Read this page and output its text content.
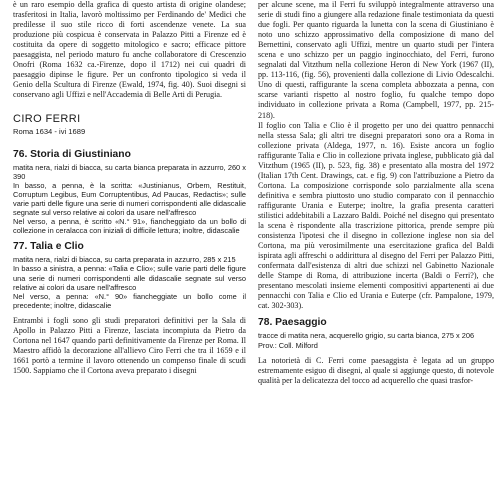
è un raro esempio della grafica di questo artista di origine olandese; trasferitosi in Italia, lavorò moltissimo per Ferdinando de' Medici che predilesse il suo stile ricco di forti ascendenze venete. La sua produzione più cospicua è conservata in Palazzo Pitti a Firenze ed è costituita da opere di soggetto mitologico e sacro; efficace pittore paesaggista, nel periodo maturo fu anche collaboratore di Crescenzio Onofri (Roma 1632 ca.-Firenze, dopo il 1712) nei cui quadri di paesaggio dipinse le figure. Per un confronto tipologico si veda il Genio della Scultura di Firenze (Ewald, 1974, fig. 40). Suoi disegni si conservano agli Uffizi e nell'Accademia di Belle Arti di Perugia.

CIRO FERRI
Roma 1634 - ivi 1689
76. Storia di Giustiniano

matita nera, rialzi di biacca, su carta bianca preparata in azzurro, 260 x 390

In basso, a penna, è la scritta: «Justinianus, Orbem, Restituit, Corruptum Legibus, Eum Corruptentibus, Ad Paucas, Redactis»; sulle varie parti delle figure una serie di numeri corrispondenti alle didascalie segnate sul verso relative ai colori da usare nell'affresco

Nel verso, a penna, è scritto «N.° 91», fiancheggiato da un bollo di collezione in ceralacca con iniziali di difficile lettura; inoltre, didascalie

77. Talia e Clio

matita nera, rialzi di biacca, su carta preparata in azzurro, 285 x 215

In basso a sinistra, a penna: «Talia e Clio»; sulle varie parti delle figure una serie di numeri corrispondenti alle didascalie segnate sul verso relative ai colori da usare nell'affresco

Nel verso, a penna: «N.° 90» fiancheggiate un bollo come il precedente; inoltre, didascalie

Entrambi i fogli sono gli studi preparatori definitivi per la Sala di Apollo in Palazzo Pitti a Firenze, lasciata incompiuta da Pietro da Cortona nel 1647 quando partì definitivamente da Firenze per Roma. Il Maestro affidò la decorazione all'allievo Ciro Ferri che tra il 1659 e il 1661 portò a termine il lavoro ottenendo un compenso finale di scudi 1500. Sappiamo che il Cortona aveva preparato i disegni

per alcune scene, ma il Ferri fu sviluppò integralmente attraverso una serie di studi fino a giungere alla redazione finale testimoniata da questi due fogli. Per quanto riguarda la lunetta con la scena di Giustiniano è noto uno schizzo approssimativo della composizione di mano del Bernettini, conservato agli Uffizi, mentre un quarto studi per l'intera scena e uno schizzo per un paggio inginocchiato, del Ferri, furono segnalati dal Vitzthum nella collezione Heron di New York (1967 (II), pp. 113-116, (fig. 56), provenienti dalla collezione di Livio Odescalchi. Uno di questi, raffigurante la scena completa abbozzata a penna, con scarse varianti rispetto al nostro foglio, fu qualche tempo dopo individuato in collezione privata a Roma (Campbell, 1977, pp. 215-218).

Il foglio con Talia e Clio è il progetto per uno dei quattro pennacchi nella stessa Sala; gli altri tre disegni preparatori sono ora a Roma in collezione privata (Aldega, 1977, n. 16). Esiste ancora un foglio raffigurante Talia e Clio in collezione privata inglese, pubblicato già dal Vitzthum (1965 (II), p. 523, fig. 38) e presentato alla mostra del 1972 (Italian 17th Cent. Drawings, cat. e fig. 9) con l'attribuzione a Pietro da Cortona. La composizione corrisponde solo parzialmente alla scena definitiva e sembra piuttosto uno studio comparato con il pennacchio raffigurante Urania e Euterpe; inoltre, la grafia presenta caratteri stilistici addebitabili a Lazzaro Baldi. Poiché nel disegno qui presentato la scena è rispondente alla trascrizione pittorica, prende sempre più consistenza l'ipotesi che il disegno in collezione inglese non sia del Cortona, ma più verosimilmente una esercitazione grafica del Baldi ispirata agli affreschi o addirittura al disegno del Ferri per Palazzo Pitti, confermata dall'esistenza di altri due schizzi nel Gabinetto Nazionale delle Stampe di Roma, di attribuzione incerta (Baldi o Ferri?), che presentano mescolati insieme elementi compositivi appartenenti ai due pennacchi con Talia e Clio ed Urania e Euterpe (cfr. Pampalone, 1979, cat. 302-303).

78. Paesaggio

tracce di matita nera, acquerello grigio, su carta bianca, 275 x 206

Prov.: Coll. Milford

La notorietà di C. Ferri come paesaggista è legata ad un gruppo estremamente esiguo di disegni, al quale si aggiunge questo, di notevole qualità per la delicatezza del tocco ad acquerello che quasi trasfor-
